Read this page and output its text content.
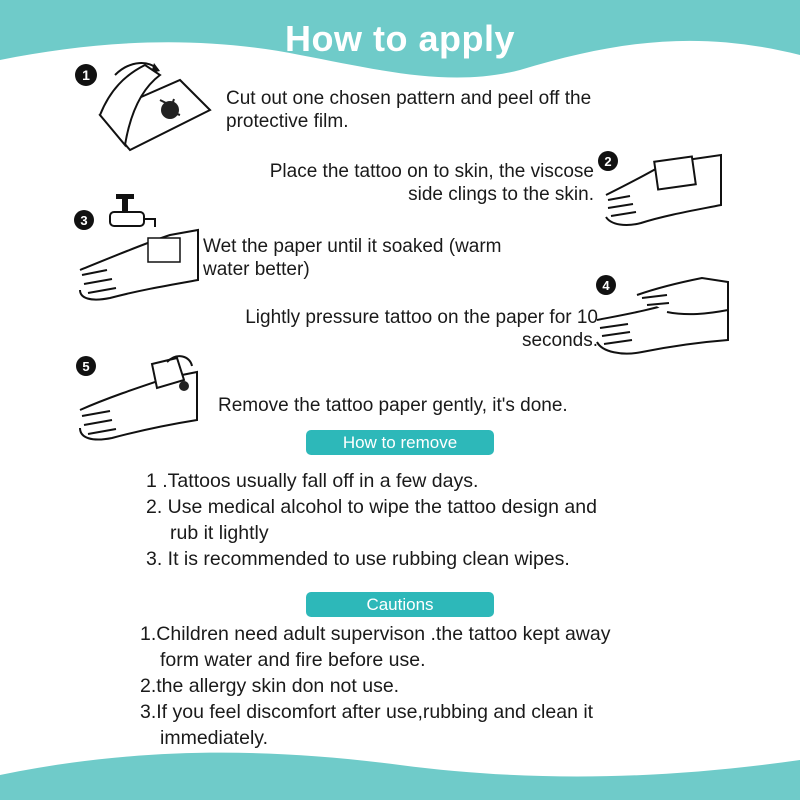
How to apply
1
Cut out one chosen pattern and peel off the protective film.
Place the tattoo on to skin, the viscose side clings to the skin.
2
3
Wet the paper until it soaked (warm water better)
Lightly pressure tattoo on the paper for 10 seconds.
4
5
Remove the tattoo paper gently, it's done.
How to remove
1 .Tattoos usually fall off in a few days.
2. Use medical alcohol to wipe the tattoo design and
rub it lightly
3. It is recommended to use rubbing clean wipes.
Cautions
1.Children need adult supervison .the tattoo kept away
form water and fire before use.
2.the allergy skin don not use.
3.If you feel discomfort after use,rubbing and clean it
immediately.
